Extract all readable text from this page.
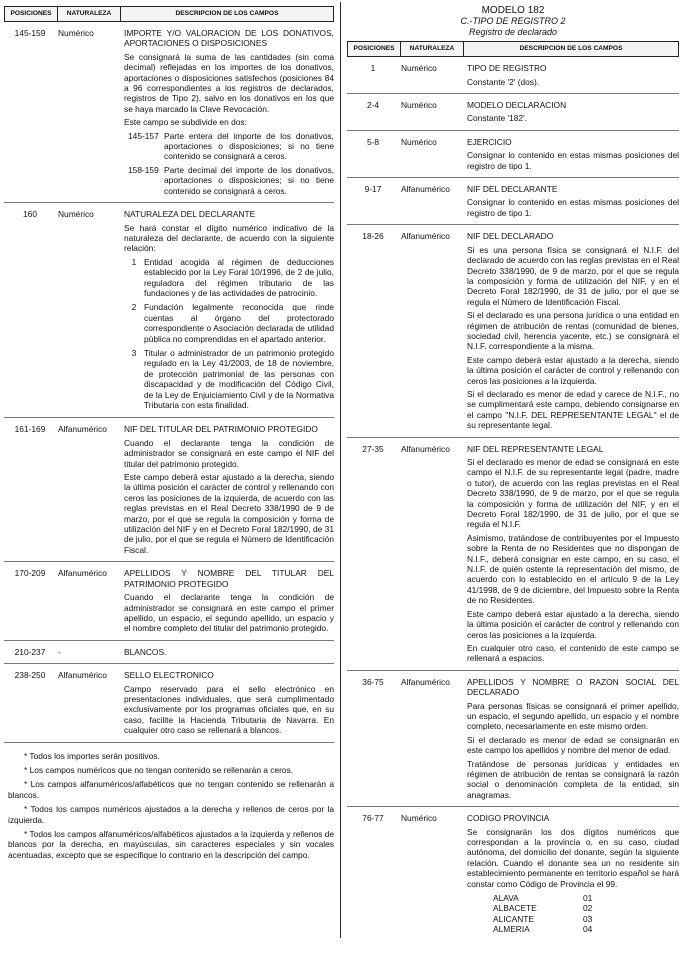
POSICIONES	NATURALEZA	DESCRIPCION DE LOS CAMPOS
145-159	Numérico	IMPORTE Y/O VALORACION DE LOS DONATIVOS, APORTACIONES O DISPOSICIONES

Se consignará la suma de las cantidades (sin coma decimal) reflejadas en los importes de los donativos, aportaciones o disposiciones satisfechos (posiciones 84 a 96 correspondientes a los registros de declarados, registros de Tipo 2), salvo en los donativos en los que se haya marcado la Clave Revocación.

Este campo se subdivide en dos:

145-157 Parte entera del importe de los donativos, aportaciones o disposiciones; si no tiene contenido se consignará a ceros.
158-159 Parte decimal del importe de los donativos, aportaciones o disposiciones; si no tiene contenido se consignará a ceros.
160	Numérico	NATURALEZA DEL DECLARANTE

Se hará constar el dígito numérico indicativo de la naturaleza del declarante, de acuerdo con la siguiente relación:

1 Entidad acogida al régimen de deducciones establecido por la Ley Foral 10/1996, de 2 de julio, reguladora del régimen tributario de las fundaciones y de las actividades de patrocinio.
2 Fundación legalmente reconocida que rinde cuentas al órgano del protectorado correspondiente o Asociación declarada de utilidad pública no comprendidas en el apartado anterior.
3 Titular o administrador de un patrimonio protegido regulado en la Ley 41/2003, de 18 de noviembre, de protección patrimonial de las personas con discapacidad y de modificación del Código Civil, de la Ley de Enjuiciamiento Civil y de la Normativa Tributaria con esta finalidad.
161-169	Alfanumérico	NIF DEL TITULAR DEL PATRIMONIO PROTEGIDO

Cuando el declarante tenga la condición de administrador se consignará en este campo el NIF del titular del patrimonio protegido.

Este campo deberá estar ajustado a la derecha, siendo la última posición el carácter de control y rellenando con ceros las posiciones de la izquierda, de acuerdo con las reglas previstas en el Real Decreto 338/1990 de 9 de marzo, por el que se regula la composición y forma de utilización del NIF y en el Decreto Foral 182/1990, de 31 de julio, por el que se regula el Número de Identificación Fiscal.

170-209	Alfanumérico	APELLIDOS Y NOMBRE DEL TITULAR DEL PATRIMONIO PROTEGIDO

Cuando el declarante tenga la condición de administrador se consignará en este campo el primer apellido, un espacio, el segundo apellido, un espacio y el nombre completo del titular del patrimonio protegido.

210-237	-	BLANCOS.

238-250	Alfanumérico	SELLO ELECTRONICO

Campo reservado para el sello electrónico en presentaciones individuales, que será cumplimentado exclusivamente por los programas oficiales que, en su caso, facilite la Hacienda Tributaria de Navarra. En cualquier otro caso se rellenará a blancos.

* Todos los importes serán positivos.

* Los campos numéricos que no tengan contenido se rellenarán a ceros.

* Los campos alfanuméricos/alfabéticos que no tengan contenido se rellenarán a blancos.

* Todos los campos numéricos ajustados a la derecha y rellenos de ceros por la izquierda.

* Todos los campos alfanuméricos/alfabéticos ajustados a la izquierda y rellenos de blancos por la derecha, en mayúsculas, sin caracteres especiales y sin vocales acentuadas, excepto que se especifique lo contrario en la descripción del campo.

MODELO 182
C.-TIPO DE REGISTRO 2
Registro de declarado
POSICIONES	NATURALEZA	DESCRIPCION DE LOS CAMPOS
1	Numérico	TIPO DE REGISTRO

Constante '2' (dos).

2-4	Numérico	MODELO DECLARACION

Constante '182'.

5-8	Numérico	EJERCICIO

Consignar lo contenido en estas mismas posiciones del registro de tipo 1.

9-17	Alfanumérico	NIF DEL DECLARANTE

Consignar lo contenido en estas mismas posiciones del registro de tipo 1.

18-26	Alfanumérico	NIF DEL DECLARADO

Si es una persona física se consignará el N.I.F. del declarado de acuerdo con las reglas previstas en el Real Decreto 338/1990, de 9 de marzo, por el que se regula la composición y forma de utilización del NIF, y en el Decreto Foral 182/1990, de 31 de julio, por el que se regula el Número de Identificación Fiscal.

Si el declarado es una persona jurídica o una entidad en régimen de atribución de rentas (comunidad de bienes, sociedad civil, herencia yacente, etc.) se consignará el N.I.F. correspondiente a la misma.

Este campo deberá estar ajustado a la derecha, siendo la última posición el carácter de control y rellenando con ceros las posiciones a la izquierda.

Si el declarado es menor de edad y carece de N.I.F., no se cumplimentará este campo, debiendo consignarse en el campo "N.I.F. DEL REPRESENTANTE LEGAL" el de su representante legal.

27-35	Alfanumérico	NIF DEL REPRESENTANTE LEGAL

Si el declarado es menor de edad se consignará en este campo el N.I.F. de su representante legal (padre, madre o tutor), de acuerdo con las reglas previstas en el Real Decreto 338/1990, de 9 de marzo, por el que se regula la composición y forma de utilización del NIF, y en el Decreto Foral 182/1990, de 31 de julio, por el que se regula el N.I.F.

Asimismo, tratándose de contribuyentes por el Impuesto sobre la Renta de no Residentes que no dispongan de N.I.F., deberá consignar en este campo, en su caso, el N.I.F. de quién ostente la representación del mismo, de acuerdo con lo establecido en el artículo 9 de la Ley 41/1998, de 9 de diciembre, del Impuesto sobre la Renta de no Residentes.

Este campo deberá estar ajustado a la derecha, siendo la última posición el carácter de control y rellenando con ceros las posiciones a la izquierda.

En cualquier otro caso, el contenido de este campo se rellenará a espacios.

36-75	Alfanumérico	APELLIDOS Y NOMBRE O RAZON SOCIAL DEL DECLARADO

Para personas físicas se consignará el primer apellido, un espacio, el segundo apellido, un espacio y el nombre completo, necesariamente en este mismo orden.

Si el declarado es menor de edad se consignarán en este campo los apellidos y nombre del menor de edad.

Tratándose de personas jurídicas y entidades en régimen de atribución de rentas se consignará la razón social o denominación completa de la entidad, sin anagramas.

76-77	Numérico	CODIGO PROVINCIA

Se consignarán los dos dígitos numéricos que correspondan a la provincia o, en su caso, ciudad autónoma, del domicilio del donante, según la siguiente relación. Cuando el donante sea un no residente sin establecimiento permanente en territorio español se hará constar como Código de Provincia el 99.

ALAVA	01
ALBACETE	02
ALICANTE	03
ALMERIA	04
